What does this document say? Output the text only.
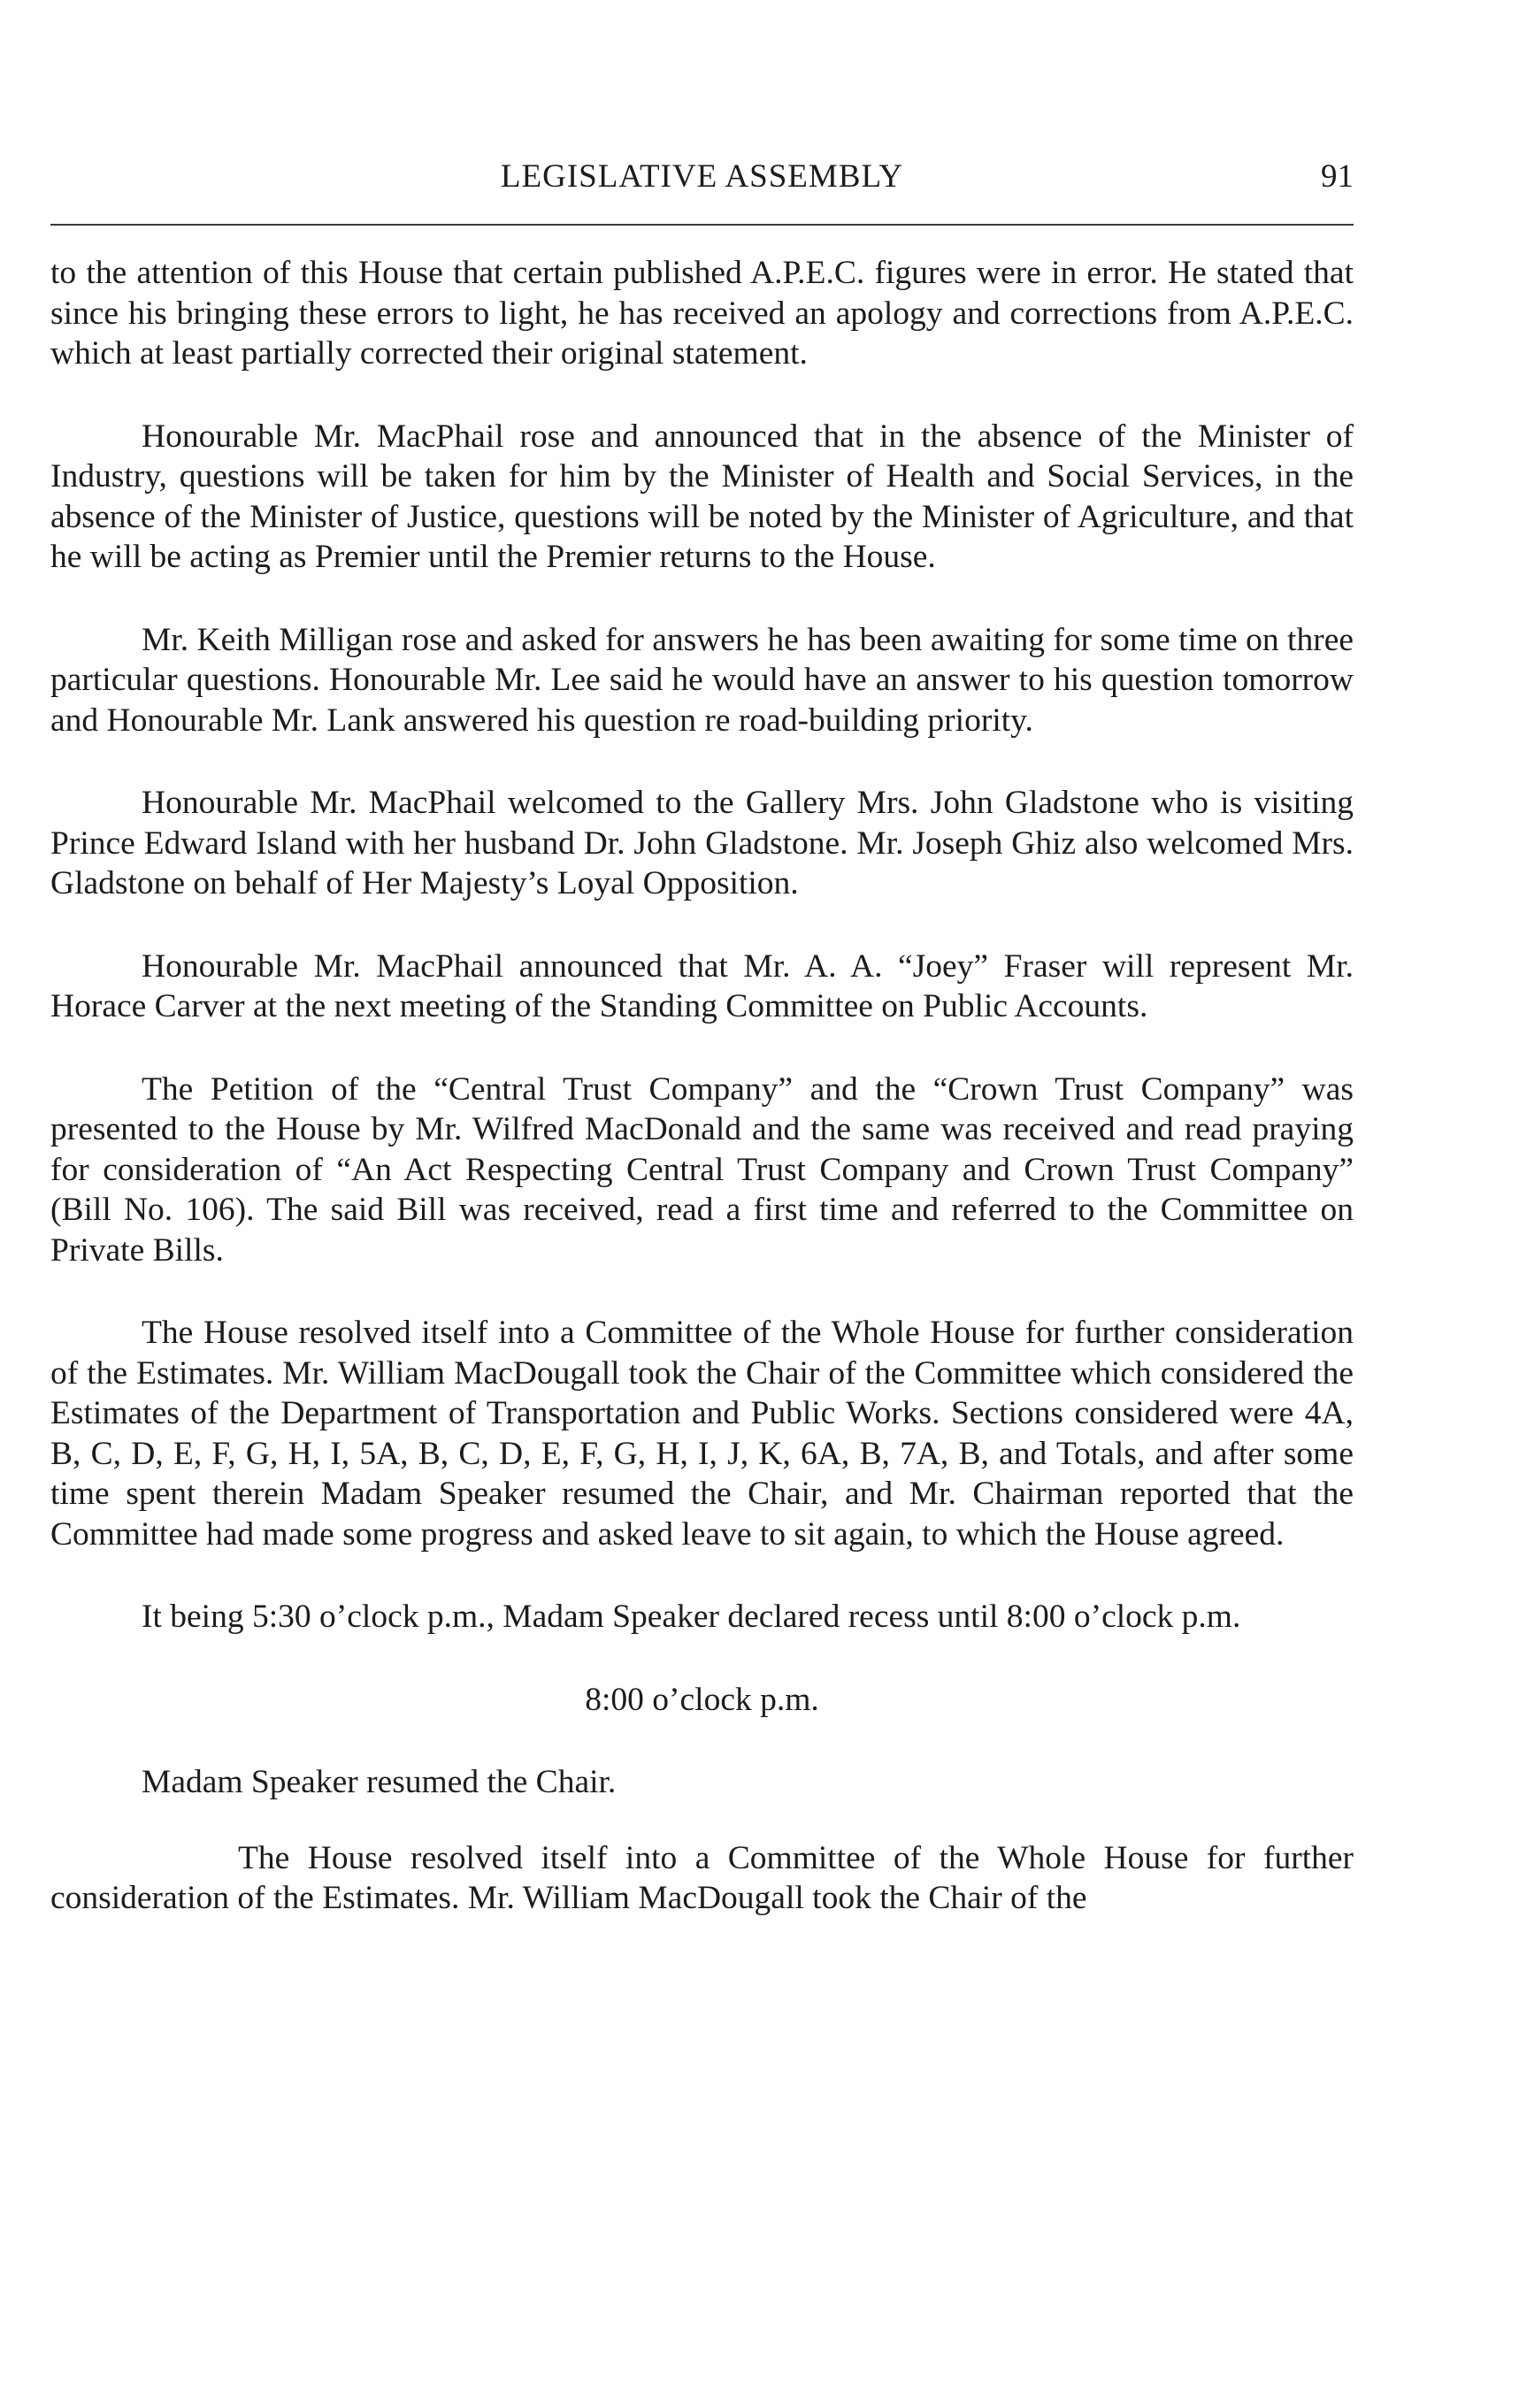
LEGISLATIVE ASSEMBLY	91

to the attention of this House that certain published A.P.E.C. figures were in error. He stated that since his bringing these errors to light, he has received an apology and corrections from A.P.E.C. which at least partially corrected their original statement.

Honourable Mr. MacPhail rose and announced that in the absence of the Minister of Industry, questions will be taken for him by the Minister of Health and Social Services, in the absence of the Minister of Justice, questions will be noted by the Minister of Agriculture, and that he will be acting as Premier until the Premier returns to the House.

Mr. Keith Milligan rose and asked for answers he has been awaiting for some time on three particular questions. Honourable Mr. Lee said he would have an answer to his question tomorrow and Honourable Mr. Lank answered his question re road-building priority.

Honourable Mr. MacPhail welcomed to the Gallery Mrs. John Gladstone who is visiting Prince Edward Island with her husband Dr. John Gladstone. Mr. Joseph Ghiz also welcomed Mrs. Gladstone on behalf of Her Majesty’s Loyal Opposition.

Honourable Mr. MacPhail announced that Mr. A. A. “Joey” Fraser will represent Mr. Horace Carver at the next meeting of the Standing Committee on Public Accounts.

The Petition of the “Central Trust Company” and the “Crown Trust Company” was presented to the House by Mr. Wilfred MacDonald and the same was received and read praying for consideration of “An Act Respecting Central Trust Company and Crown Trust Company” (Bill No. 106). The said Bill was received, read a first time and referred to the Committee on Private Bills.

The House resolved itself into a Committee of the Whole House for further consideration of the Estimates. Mr. William MacDougall took the Chair of the Committee which considered the Estimates of the Department of Transportation and Public Works. Sections considered were 4A, B, C, D, E, F, G, H, I, 5A, B, C, D, E, F, G, H, I, J, K, 6A, B, 7A, B, and Totals, and after some time spent therein Madam Speaker resumed the Chair, and Mr. Chairman reported that the Committee had made some progress and asked leave to sit again, to which the House agreed.

It being 5:30 o’clock p.m., Madam Speaker declared recess until 8:00 o’clock p.m.

8:00 o’clock p.m.

Madam Speaker resumed the Chair.

The House resolved itself into a Committee of the Whole House for further consideration of the Estimates. Mr. William MacDougall took the Chair of the
